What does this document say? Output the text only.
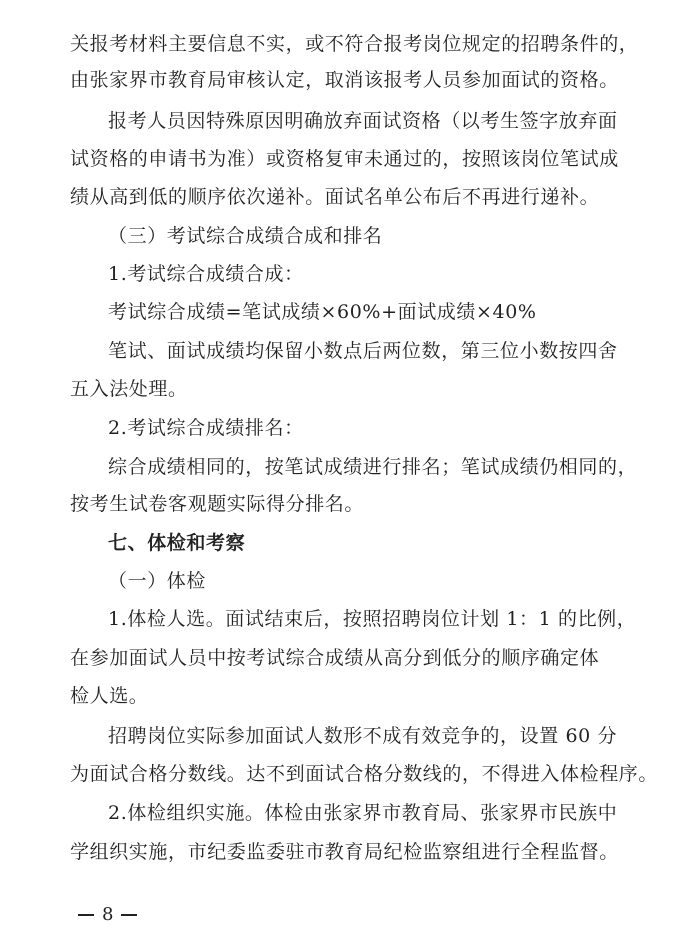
关报考材料主要信息不实，或不符合报考岗位规定的招聘条件的，
由张家界市教育局审核认定，取消该报考人员参加面试的资格。
报考人员因特殊原因明确放弃面试资格（以考生签字放弃面
试资格的申请书为准）或资格复审未通过的，按照该岗位笔试成
绩从高到低的顺序依次递补。面试名单公布后不再进行递补。
（三）考试综合成绩合成和排名
1.考试综合成绩合成：
考试综合成绩=笔试成绩×60%+面试成绩×40%
笔试、面试成绩均保留小数点后两位数，第三位小数按四舍
五入法处理。
2.考试综合成绩排名：
综合成绩相同的，按笔试成绩进行排名；笔试成绩仍相同的，
按考生试卷客观题实际得分排名。
七、体检和考察
（一）体检
1.体检人选。面试结束后，按照招聘岗位计划 1：1 的比例，
在参加面试人员中按考试综合成绩从高分到低分的顺序确定体
检人选。
招聘岗位实际参加面试人数形不成有效竞争的，设置 60 分
为面试合格分数线。达不到面试合格分数线的，不得进入体检程序。
2.体检组织实施。体检由张家界市教育局、张家界市民族中
学组织实施，市纪委监委驻市教育局纪检监察组进行全程监督。
8
